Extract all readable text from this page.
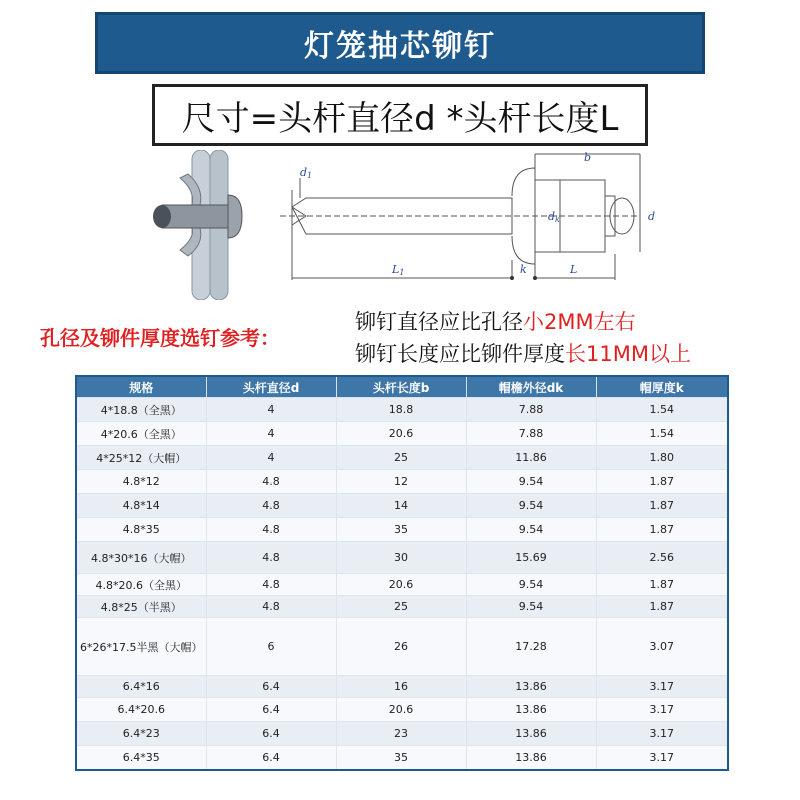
灯笼抽芯铆钉
尺寸=头杆直径d *头杆长度L
d1
b
dk	d
L1	k	L
孔径及铆件厚度选钉参考：
铆钉直径应比孔径小2MM左右
铆钉长度应比铆件厚度长11MM以上
规格	头杆直径d	头杆长度b	帽檐外径dk	帽厚度k
4*18.8（全黑）	4	18.8	7.88	1.54
4*20.6（全黑）	4	20.6	7.88	1.54
4*25*12（大帽）	4	25	11.86	1.80
4.8*12	4.8	12	9.54	1.87
4.8*14	4.8	14	9.54	1.87
4.8*35	4.8	35	9.54	1.87
4.8*30*16（大帽）	4.8	30	15.69	2.56
4.8*20.6（全黑）	4.8	20.6	9.54	1.87
4.8*25（半黑）	4.8	25	9.54	1.87
6*26*17.5半黑（大帽）	6	26	17.28	3.07
6.4*16	6.4	16	13.86	3.17
6.4*20.6	6.4	20.6	13.86	3.17
6.4*23	6.4	23	13.86	3.17
6.4*35	6.4	35	13.86	3.17
